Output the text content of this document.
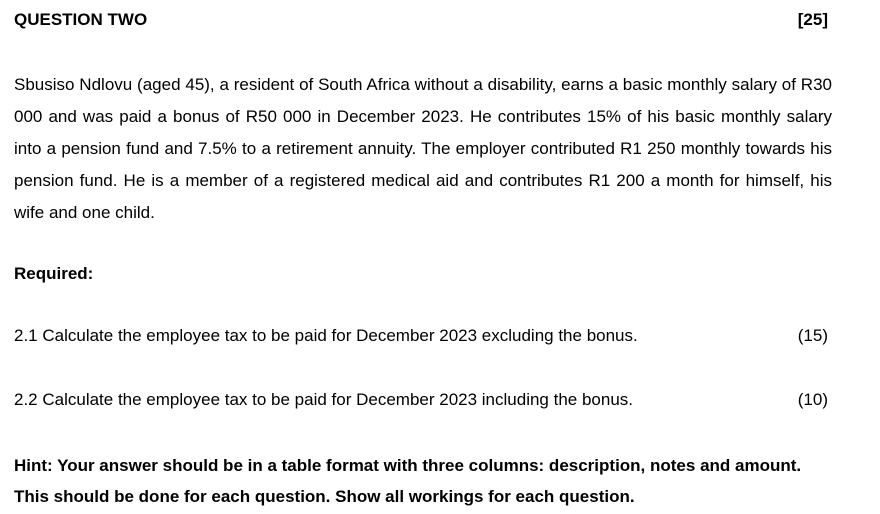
QUESTION TWO	[25]

Sbusiso Ndlovu (aged 45), a resident of South Africa without a disability, earns a basic monthly salary of R30 000 and was paid a bonus of R50 000 in December 2023. He contributes 15% of his basic monthly salary into a pension fund and 7.5% to a retirement annuity. The employer contributed R1 250 monthly towards his pension fund. He is a member of a registered medical aid and contributes R1 200 a month for himself, his wife and one child.

Required:
2.1 Calculate the employee tax to be paid for December 2023 excluding the bonus.	(15)
2.2 Calculate the employee tax to be paid for December 2023 including the bonus.	(10)

Hint: Your answer should be in a table format with three columns: description, notes and amount. This should be done for each question. Show all workings for each question.
